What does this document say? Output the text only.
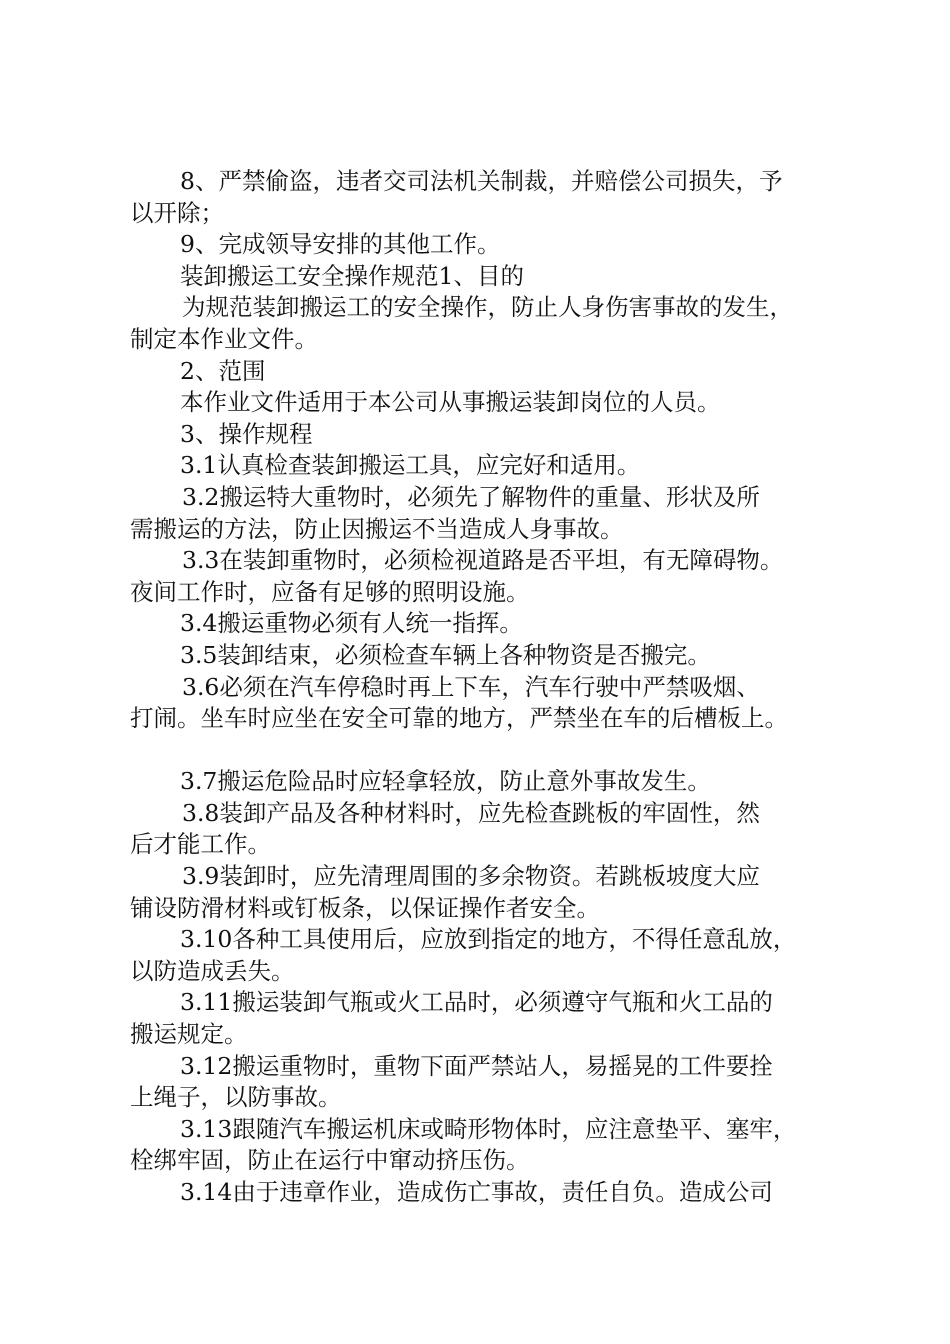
8、严禁偷盗，违者交司法机关制裁，并赔偿公司损失，予
以开除；
9、完成领导安排的其他工作。
装卸搬运工安全操作规范1、目的
为规范装卸搬运工的安全操作，防止人身伤害事故的发生，
制定本作业文件。
2、范围
本作业文件适用于本公司从事搬运装卸岗位的人员。
3、操作规程
3.1认真检查装卸搬运工具，应完好和适用。
3.2搬运特大重物时，必须先了解物件的重量、形状及所
需搬运的方法，防止因搬运不当造成人身事故。
3.3在装卸重物时，必须检视道路是否平坦，有无障碍物。
夜间工作时，应备有足够的照明设施。
3.4搬运重物必须有人统一指挥。
3.5装卸结束，必须检查车辆上各种物资是否搬完。
3.6必须在汽车停稳时再上下车，汽车行驶中严禁吸烟、
打闹。坐车时应坐在安全可靠的地方，严禁坐在车的后槽板上。
3.7搬运危险品时应轻拿轻放，防止意外事故发生。
3.8装卸产品及各种材料时，应先检查跳板的牢固性，然
后才能工作。
3.9装卸时，应先清理周围的多余物资。若跳板坡度大应
铺设防滑材料或钉板条，以保证操作者安全。
3.10各种工具使用后，应放到指定的地方，不得任意乱放，
以防造成丢失。
3.11搬运装卸气瓶或火工品时，必须遵守气瓶和火工品的
搬运规定。
3.12搬运重物时，重物下面严禁站人，易摇晃的工件要拴
上绳子，以防事故。
3.13跟随汽车搬运机床或畸形物体时，应注意垫平、塞牢，
栓绑牢固，防止在运行中窜动挤压伤。
3.14由于违章作业，造成伤亡事故，责任自负。造成公司
